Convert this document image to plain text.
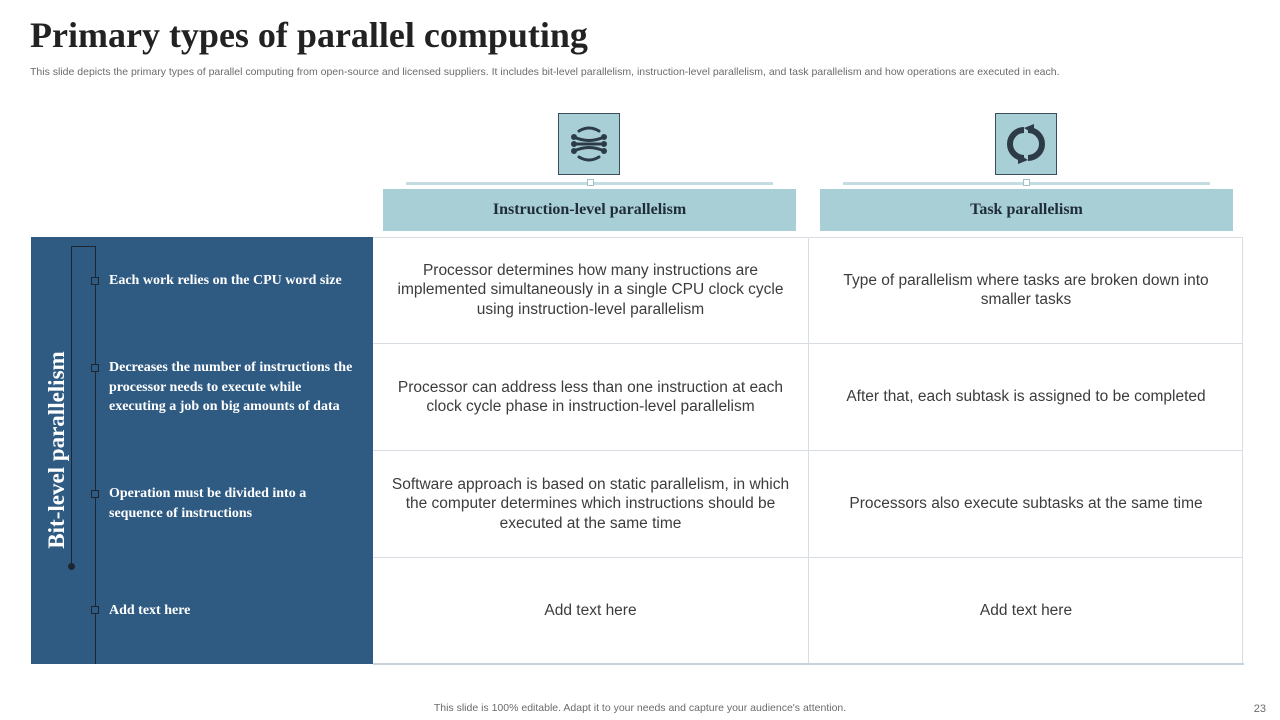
Primary types of parallel computing
This slide depicts the primary types of parallel computing from open-source and licensed suppliers. It includes bit-level parallelism, instruction-level parallelism, and task parallelism and how operations are executed in each.
Instruction-level parallelism	Task parallelism
Bit-level parallelism
Each work relies on the CPU word size
Decreases the number of instructions the processor needs to execute while executing a job on big amounts of data
Operation must be divided into a sequence of instructions
Add text here
Processor determines how many instructions are implemented simultaneously in a single CPU clock cycle using instruction-level parallelism
Processor can address less than one instruction at each clock cycle phase in instruction-level parallelism
Software approach is based on static parallelism, in which the computer determines which instructions should be executed at the same time
Add text here
Type of parallelism where tasks are broken down into smaller tasks
After that, each subtask is assigned to be completed
Processors also execute subtasks at the same time
Add text here
This slide is 100% editable. Adapt it to your needs and capture your audience's attention.	23
